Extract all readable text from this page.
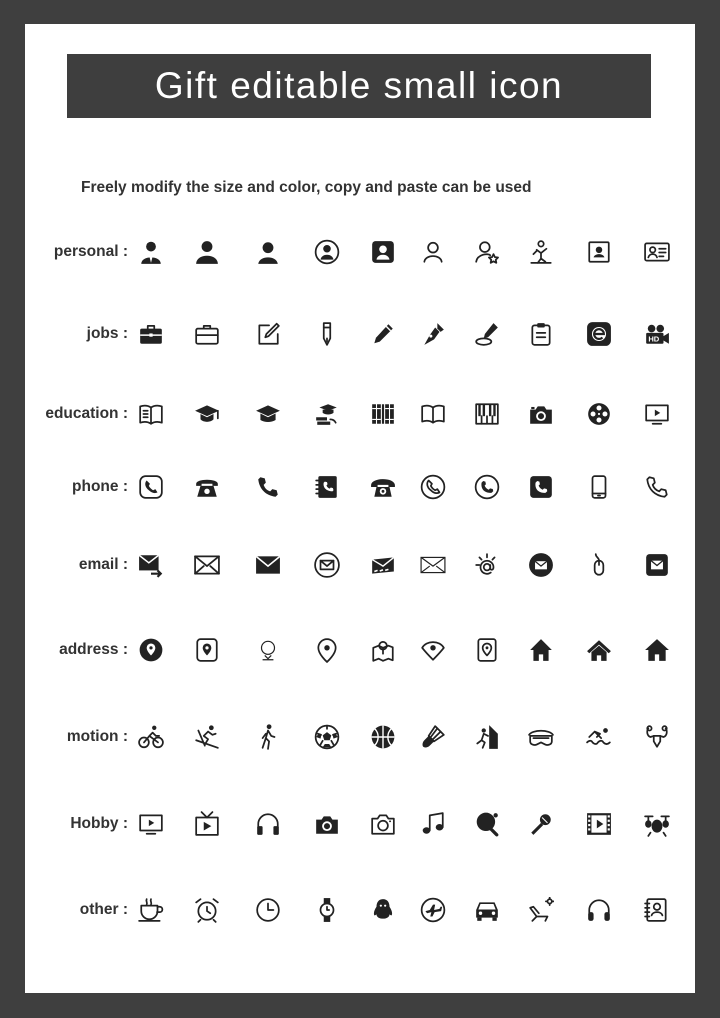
Gift editable small icon
Freely modify the size and color, copy and paste can be used
personal :
jobs :	HD
education :
phone :
email :
address :
motion :
Hobby :
other :
